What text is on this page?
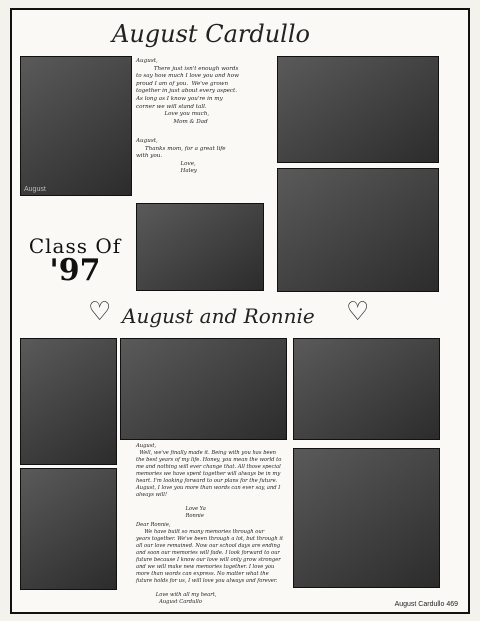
August Cardullo
August
Class Of
'97
August,
There just isn't enough words
to say how much I love you and how
proud I am of you.  We've grown
together in just about every aspect.
As long as I know you're in my
corner we will stand tall.
Love you much,
Mom & Dad
August,
Thanks mom, for a great life
with you.
Love,
Haley
♡ August and Ronnie ♡
August,
Well, we've finally made it. Being with you has been
the best years of my life. Honey, you mean the world to
me and nothing will ever change that. All those special
memories we have spent together will always be in my
heart. I'm looking forward to our plans for the future.
August, I love you more than words can ever say, and I
always will!

Love Ya
Ronnie
Dear Ronnie,
We have built so many memories through our
years together. We've been through a lot, but through it
all our love remained. Now our school days are ending
and soon our memories will fade. I look forward to our
future because I know our love will only grow stronger
and we will make new memories together. I love you
more than words can express. No matter what the
future holds for us, I will love you always and forever.

Love with all my heart,
August Cardullo	August Cardullo 469
